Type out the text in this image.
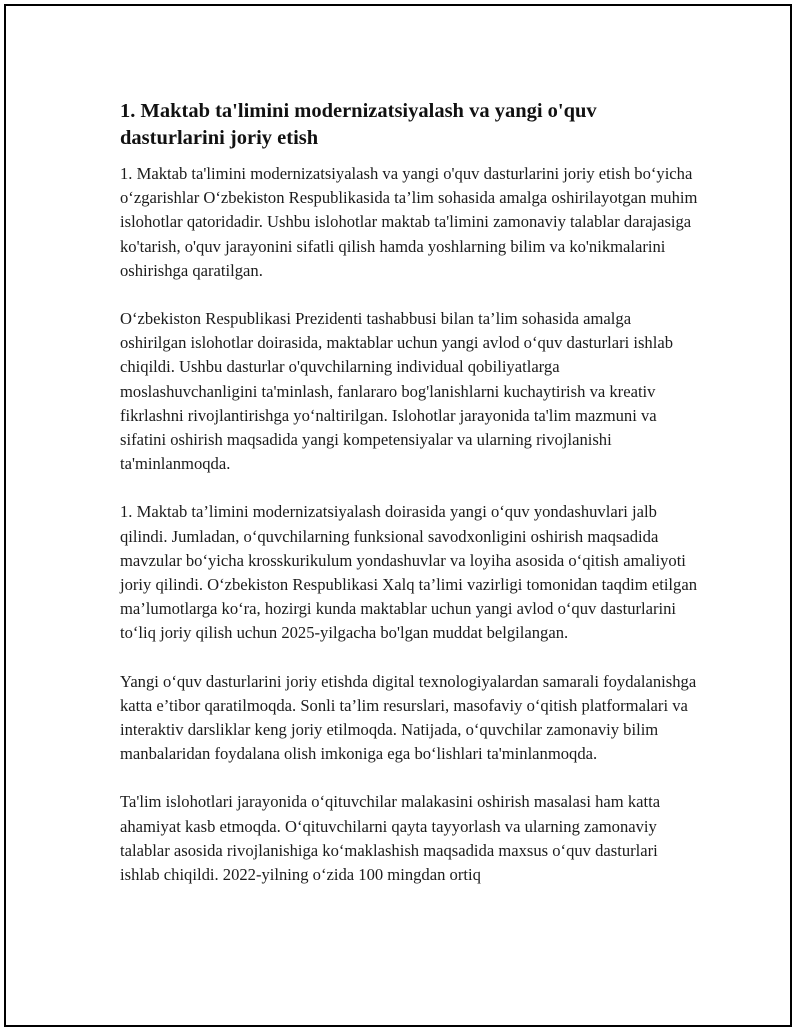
1. Maktab ta'limini modernizatsiyalash va yangi o'quv dasturlarini joriy etish

1. Maktab ta'limini modernizatsiyalash va yangi o'quv dasturlarini joriy etish bo‘yicha o‘zgarishlar O‘zbekiston Respublikasida ta’lim sohasida amalga oshirilayotgan muhim islohotlar qatoridadir. Ushbu islohotlar maktab ta'limini zamonaviy talablar darajasiga ko'tarish, o'quv jarayonini sifatli qilish hamda yoshlarning bilim va ko'nikmalarini oshirishga qaratilgan.

O‘zbekiston Respublikasi Prezidenti tashabbusi bilan ta’lim sohasida amalga oshirilgan islohotlar doirasida, maktablar uchun yangi avlod o‘quv dasturlari ishlab chiqildi. Ushbu dasturlar o'quvchilarning individual qobiliyatlarga moslashuvchanligini ta'minlash, fanlararo bog'lanishlarni kuchaytirish va kreativ fikrlashni rivojlantirishga yo‘naltirilgan. Islohotlar jarayonida ta'lim mazmuni va sifatini oshirish maqsadida yangi kompetensiyalar va ularning rivojlanishi ta'minlanmoqda.

1. Maktab ta’limini modernizatsiyalash doirasida yangi o‘quv yondashuvlari jalb qilindi. Jumladan, o‘quvchilarning funksional savodxonligini oshirish maqsadida mavzular bo‘yicha krosskurikulum yondashuvlar va loyiha asosida o‘qitish amaliyoti joriy qilindi. O‘zbekiston Respublikasi Xalq ta’limi vazirligi tomonidan taqdim etilgan ma’lumotlarga ko‘ra, hozirgi kunda maktablar uchun yangi avlod o‘quv dasturlarini to‘liq joriy qilish uchun 2025-yilgacha bo'lgan muddat belgilangan.

Yangi o‘quv dasturlarini joriy etishda digital texnologiyalardan samarali foydalanishga katta e’tibor qaratilmoqda. Sonli ta’lim resurslari, masofaviy o‘qitish platformalari va interaktiv darsliklar keng joriy etilmoqda. Natijada, o‘quvchilar zamonaviy bilim manbalaridan foydalana olish imkoniga ega bo‘lishlari ta'minlanmoqda.

Ta'lim islohotlari jarayonida o‘qituvchilar malakasini oshirish masalasi ham katta ahamiyat kasb etmoqda. O‘qituvchilarni qayta tayyorlash va ularning zamonaviy talablar asosida rivojlanishiga ko‘maklashish maqsadida maxsus o‘quv dasturlari ishlab chiqildi. 2022-yilning o‘zida 100 mingdan ortiq
